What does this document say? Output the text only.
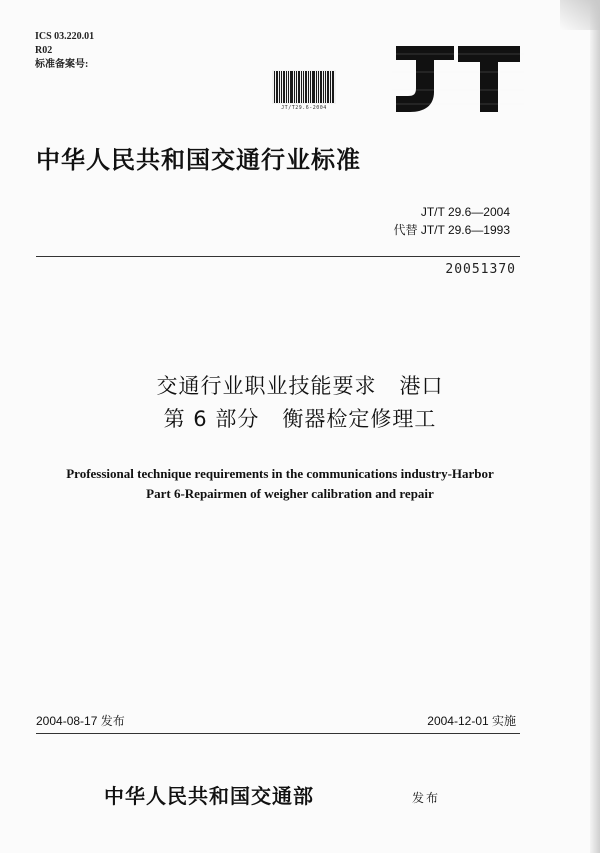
ICS 03.220.01
R02
标准备案号:
JT/T29.6-2004
中华人民共和国交通行业标准
JT/T 29.6—2004
代替 JT/T 29.6—1993
20051370
交通行业职业技能要求   港口
第 6 部分   衡器检定修理工
Professional technique requirements in the communications industry-Harbor
Part 6-Repairmen of weigher calibration and repair
2004-08-17 发布	2004-12-01 实施
中华人民共和国交通部	发布
